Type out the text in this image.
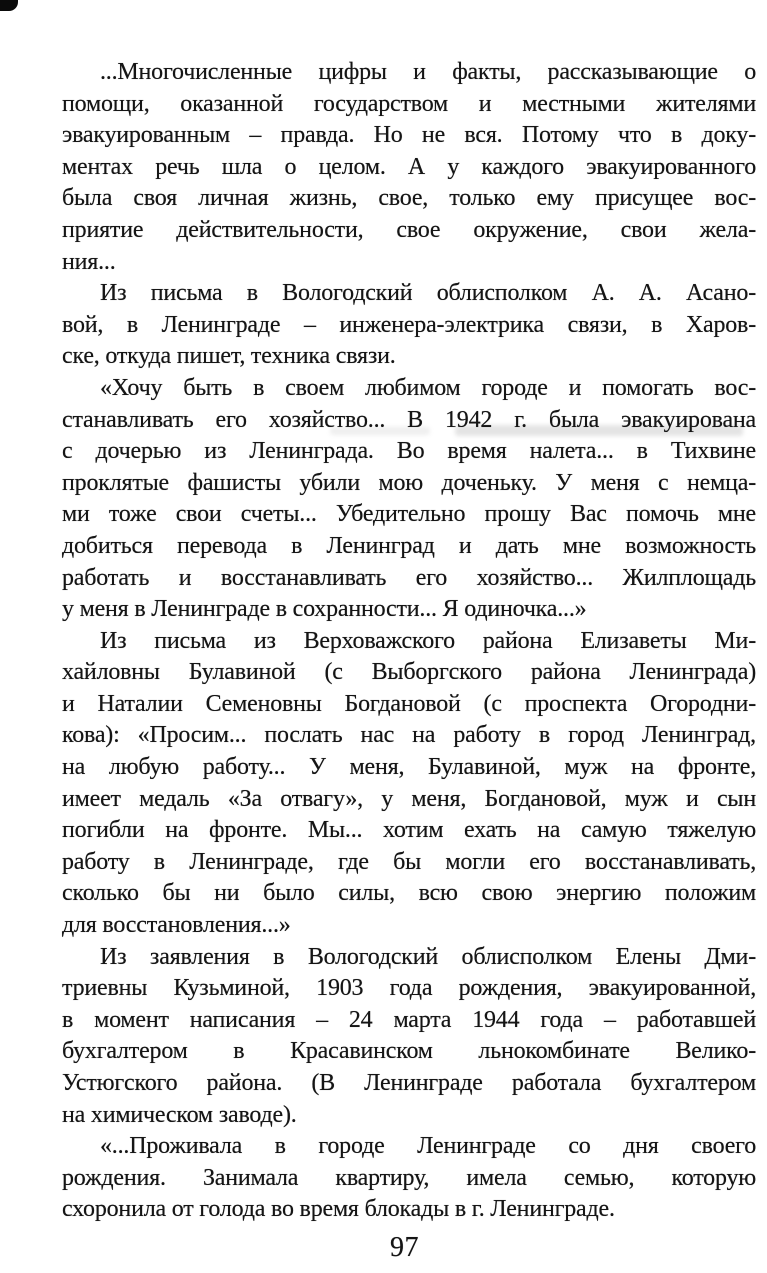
...Многочисленные цифры и факты, рассказывающие о
помощи, оказанной государством и местными жителями
эвакуированным – правда. Но не вся. Потому что в доку-
ментах речь шла о целом. А у каждого эвакуированного
была своя личная жизнь, свое, только ему присущее вос-
приятие действительности, свое окружение, свои жела-
ния...
Из письма в Вологодский облисполком А. А. Асано-
вой, в Ленинграде – инженера-электрика связи, в Харов-
ске, откуда пишет, техника связи.
«Хочу быть в своем любимом городе и помогать вос-
станавливать его хозяйство... В 1942 г. была эвакуирована
с дочерью из Ленинграда. Во время налета... в Тихвине
проклятые фашисты убили мою доченьку. У меня с немца-
ми тоже свои счеты... Убедительно прошу Вас помочь мне
добиться перевода в Ленинград и дать мне возможность
работать и восстанавливать его хозяйство... Жилплощадь
у меня в Ленинграде в сохранности... Я одиночка...»
Из письма из Верховажского района Елизаветы Ми-
хайловны Булавиной (с Выборгского района Ленинграда)
и Наталии Семеновны Богдановой (с проспекта Огородни-
кова): «Просим... послать нас на работу в город Ленинград,
на любую работу... У меня, Булавиной, муж на фронте,
имеет медаль «За отвагу», у меня, Богдановой, муж и сын
погибли на фронте. Мы... хотим ехать на самую тяжелую
работу в Ленинграде, где бы могли его восстанавливать,
сколько бы ни было силы, всю свою энергию положим
для восстановления...»
Из заявления в Вологодский облисполком Елены Дми-
триевны Кузьминой, 1903 года рождения, эвакуированной,
в момент написания – 24 марта 1944 года – работавшей
бухгалтером в Красавинском льнокомбинате Велико-
Устюгского района. (В Ленинграде работала бухгалтером
на химическом заводе).
«...Проживала в городе Ленинграде со дня своего
рождения. Занимала квартиру, имела семью, которую
схоронила от голода во время блокады в г. Ленинграде.
97
